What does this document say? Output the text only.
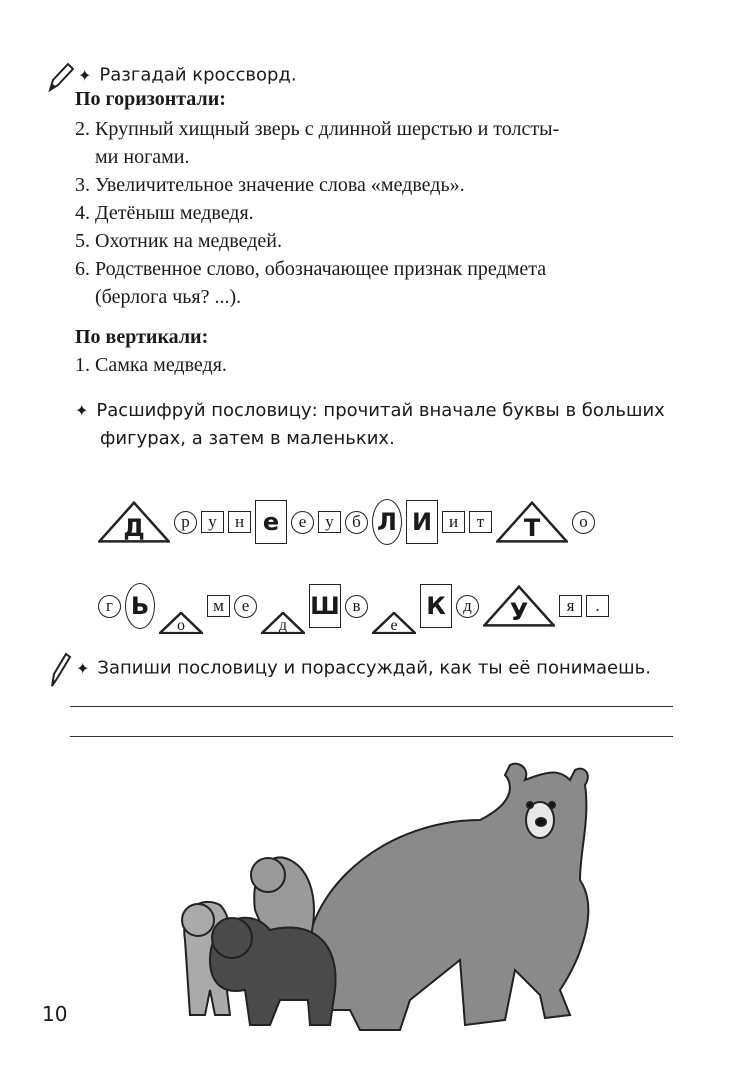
✦ Разгадай кроссворд.
По горизонтали:
2. Крупный хищный зверь с длинной шерстью и толсты-
ми ногами.
3. Увеличительное значение слова «медведь».
4. Детёныш медведя.
5. Охотник на медведей.
6. Родственное слово, обозначающее признак предмета
(берлога чья? ...).
По вертикали:
1. Самка медведя.
✦ Расшифруй пословицу: прочитай вначале буквы в больших
фигурах, а затем в маленьких.
Д р у н е е у б Л И и т Т о
г Ь
о
м е
д
Ш в
е
К д У я .
✦ Запиши пословицу и порассуждай, как ты её понимаешь.
10
